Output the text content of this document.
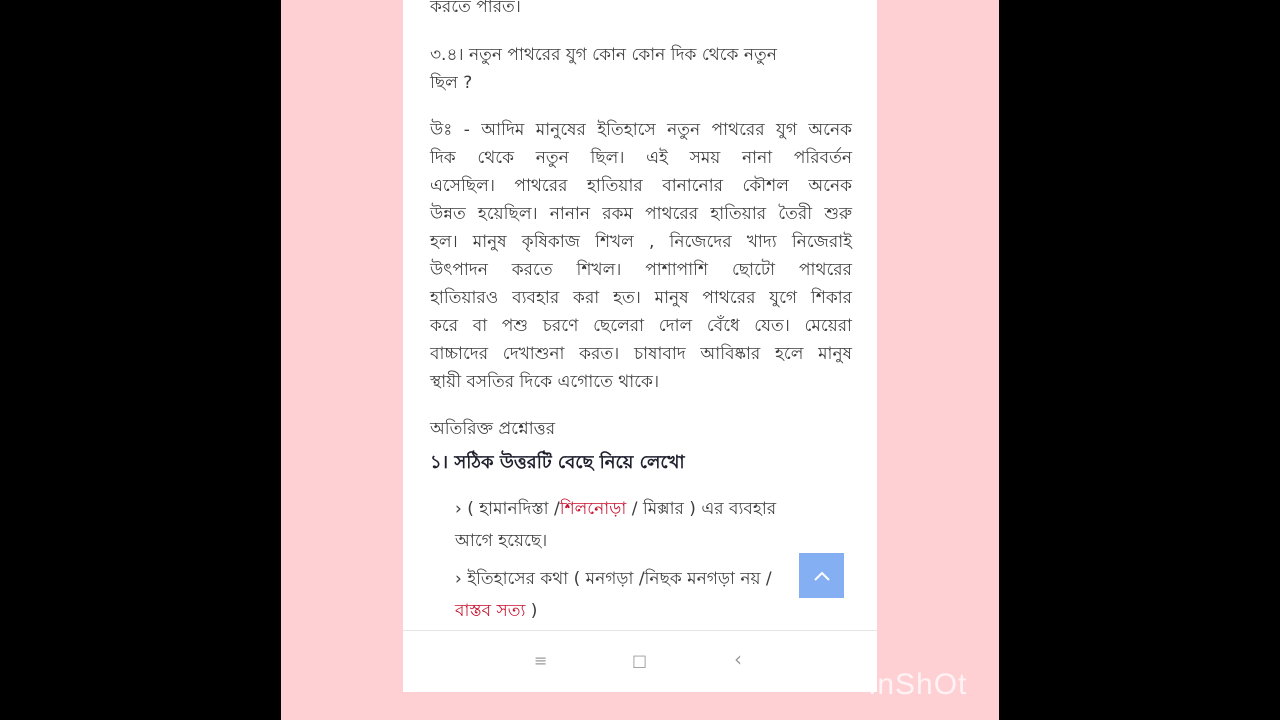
করতে পারত।
৩.৪। নতুন পাথরের যুগ কোন কোন দিক থেকে নতুন
ছিল ?
উঃ - আদিম মানুষের ইতিহাসে নতুন পাথরের যুগ অনেক
দিক থেকে নতুন ছিল। এই সময় নানা পরিবর্তন
এসেছিল। পাথরের হাতিয়ার বানানোর কৌশল অনেক
উন্নত হয়েছিল। নানান রকম পাথরের হাতিয়ার তৈরী শুরু
হল। মানুষ কৃষিকাজ শিখল , নিজেদের খাদ্য নিজেরাই
উৎপাদন করতে শিখল। পাশাপাশি ছোটো পাথরের
হাতিয়ারও ব্যবহার করা হত। মানুষ পাথরের যুগে শিকার
করে বা পশু চরণে ছেলেরা দোল বেঁধে যেত। মেয়েরা
বাচ্চাদের দেখাশুনা করত। চাষাবাদ আবিষ্কার হলে মানুষ
স্থায়ী বসতির দিকে এগোতে থাকে।
অতিরিক্ত প্রশ্নোত্তর
১। সঠিক উত্তরটি বেছে নিয়ে লেখো
› ( হামানদিস্তা /শিলনোড়া / মিক্সার ) এর ব্যবহার
আগে হয়েছে।
› ইতিহাসের কথা ( মনগড়া /নিছক মনগড়া নয় /
বাস্তব সত্য )
≡	□	‹
InShOt
